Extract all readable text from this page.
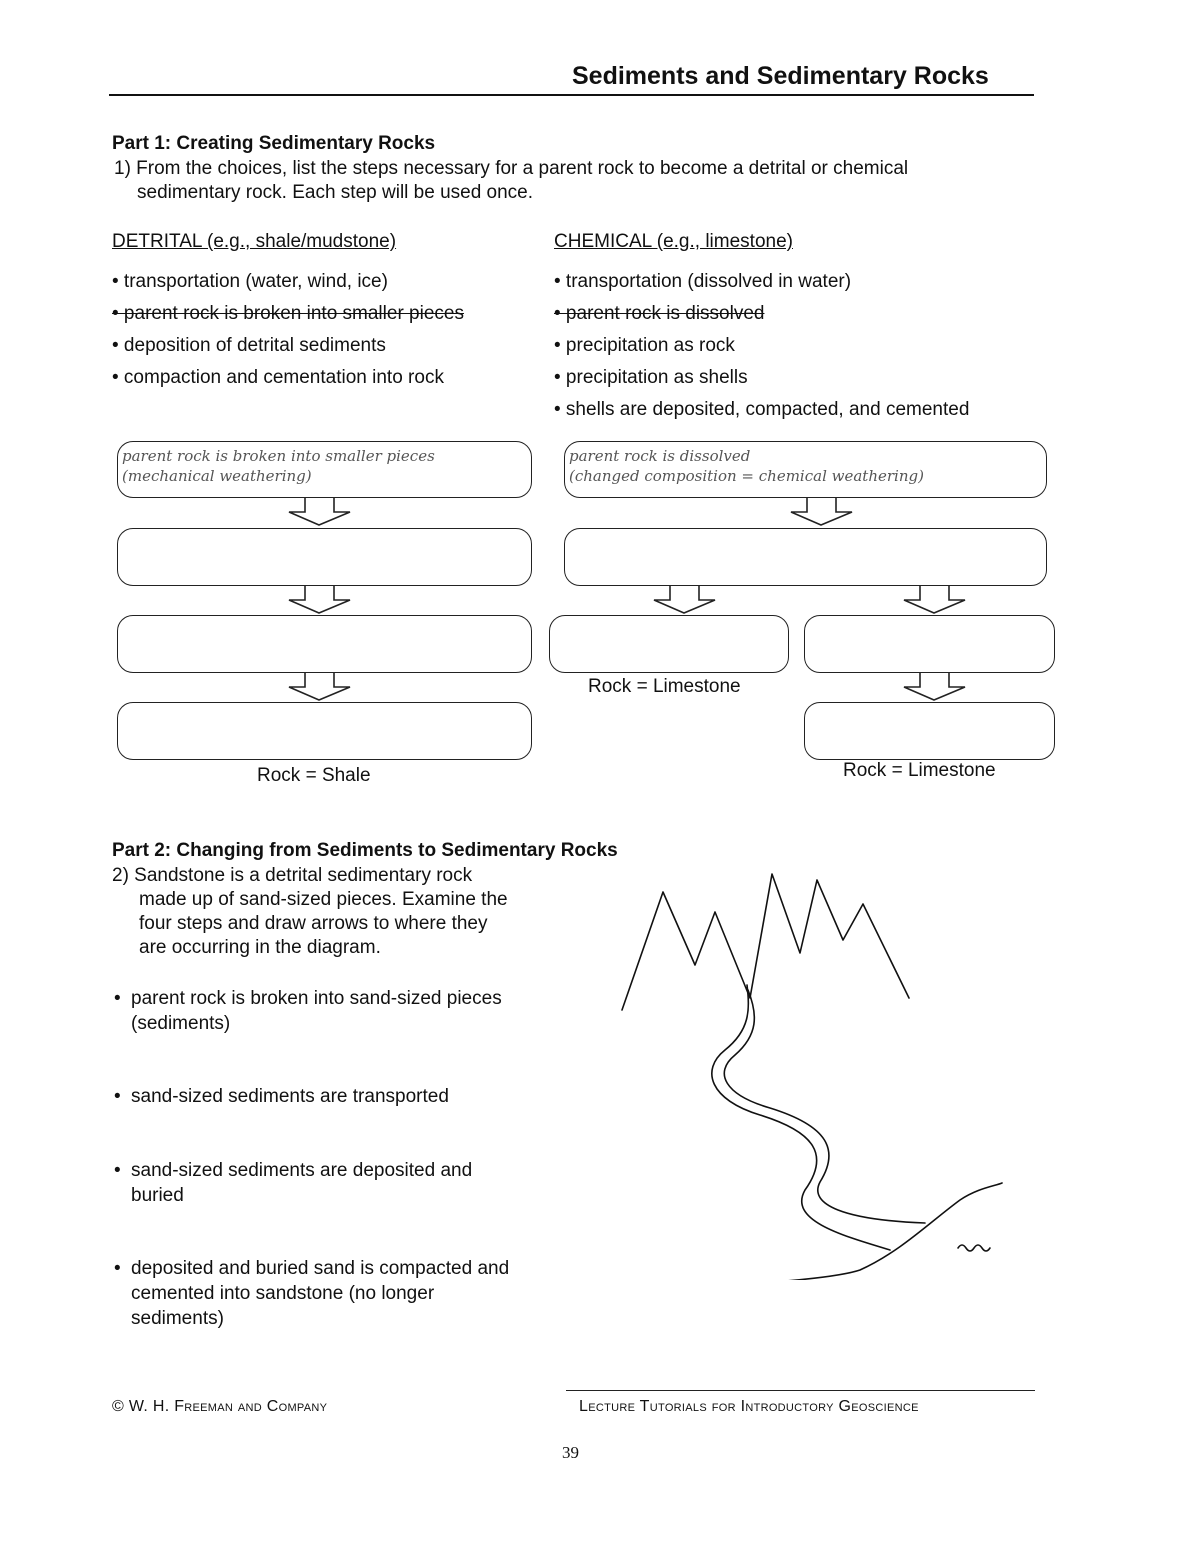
Sediments and Sedimentary Rocks
Part 1: Creating Sedimentary Rocks
1) From the choices, list the steps necessary for a parent rock to become a detrital or chemical
sedimentary rock. Each step will be used once.
DETRITAL (e.g., shale/mudstone)	CHEMICAL (e.g., limestone)
• transportation (water, wind, ice)
• parent rock is broken into smaller pieces
• deposition of detrital sediments
• compaction and cementation into rock
• transportation (dissolved in water)
• parent rock is dissolved
• precipitation as rock
• precipitation as shells
• shells are deposited, compacted, and cemented
parent rock is broken into smaller pieces
(mechanical weathering)
Rock = Shale
parent rock is dissolved
(changed composition = chemical weathering)
Rock = Limestone
Rock = Limestone
Part 2: Changing from Sediments to Sedimentary Rocks
2) Sandstone is a detrital sedimentary rock
made up of sand-sized pieces. Examine the
four steps and draw arrows to where they
are occurring in the diagram.
• parent rock is broken into sand-sized pieces
(sediments)
• sand-sized sediments are transported
• sand-sized sediments are deposited and
buried
• deposited and buried sand is compacted and
cemented into sandstone (no longer
sediments)
© W. H. Freeman and Company	Lecture Tutorials for Introductory Geoscience
39
